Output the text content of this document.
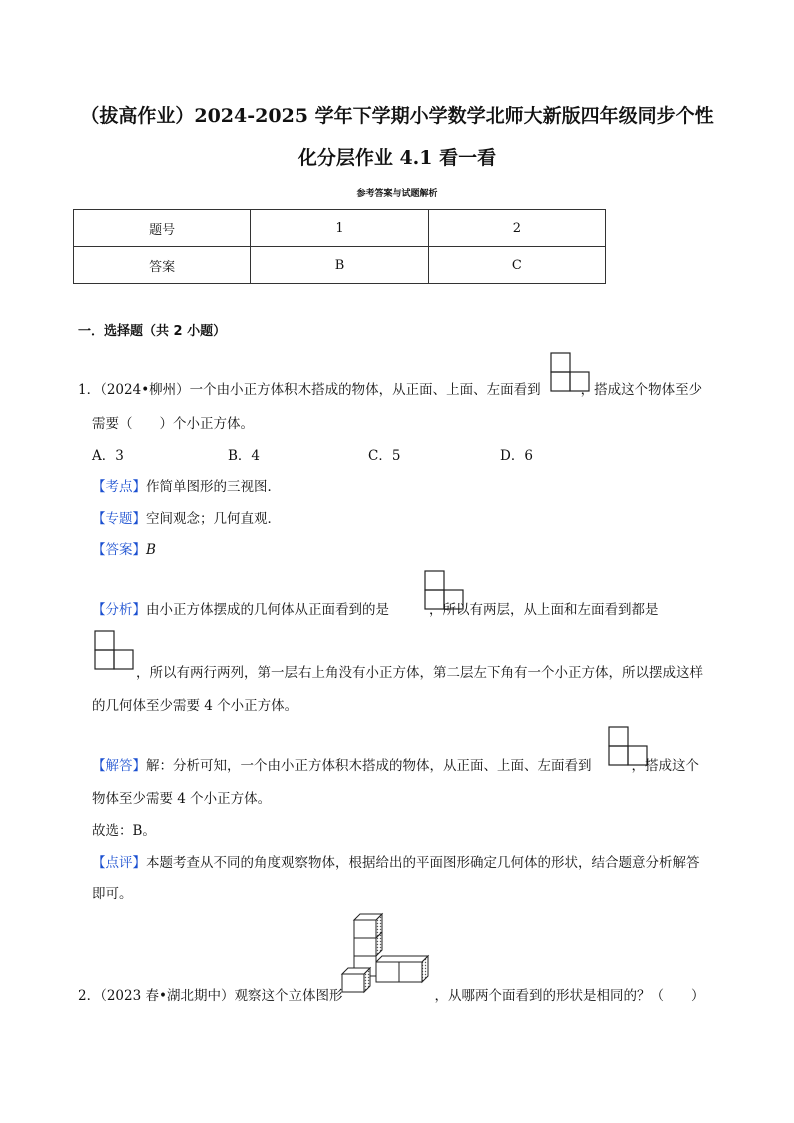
（拔高作业）2024-2025 学年下学期小学数学北师大新版四年级同步个性
化分层作业 4.1 看一看
参考答案与试题解析
题号	1	2
答案	B	C
一．选择题（共 2 小题）
1．（2024•柳州）一个由小正方体积木搭成的物体，从正面、上面、左面看到	，搭成这个物体至少
需要（　　）个小正方体。
A．3	B．4	C．5	D．6
【考点】作简单图形的三视图．
【专题】空间观念；几何直观．
【答案】B
【分析】由小正方体摆成的几何体从正面看到的是	，所以有两层，从上面和左面看到都是
，所以有两行两列，第一层右上角没有小正方体，第二层左下角有一个小正方体，所以摆成这样
的几何体至少需要 4 个小正方体。
【解答】解：分析可知，一个由小正方体积木搭成的物体，从正面、上面、左面看到	，搭成这个
物体至少需要 4 个小正方体。
故选：B。
【点评】本题考查从不同的角度观察物体，根据给出的平面图形确定几何体的形状，结合题意分析解答
即可。
2．（2023 春•湖北期中）观察这个立体图形	，从哪两个面看到的形状是相同的？（　　）
